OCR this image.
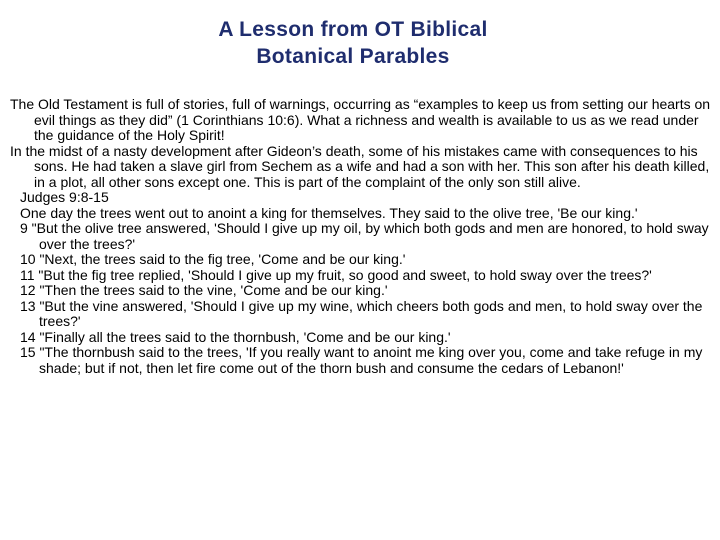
A Lesson from OT Biblical
Botanical Parables

The Old Testament is full of stories, full of warnings, occurring as “examples to keep us from setting our hearts on evil things as they did” (1 Corinthians 10:6). What a richness and wealth is available to us as we read under the guidance of the Holy Spirit!

In the midst of a nasty development after Gideon’s death, some of his mistakes came with consequences to his sons. He had taken a slave girl from Sechem as a wife and had a son with her. This son after his death killed, in a plot, all other sons except one. This is part of the complaint of the only son still alive.

Judges 9:8-15

One day the trees went out to anoint a king for themselves. They said to the olive tree, 'Be our king.'

9 "But the olive tree answered, 'Should I give up my oil, by which both gods and men are honored, to hold sway over the trees?'

10 "Next, the trees said to the fig tree, 'Come and be our king.'

11 "But the fig tree replied, 'Should I give up my fruit, so good and sweet, to hold sway over the trees?'

12 "Then the trees said to the vine, 'Come and be our king.'

13 "But the vine answered, 'Should I give up my wine, which cheers both gods and men, to hold sway over the trees?'

14 "Finally all the trees said to the thornbush, 'Come and be our king.'

15 "The thornbush said to the trees, 'If you really want to anoint me king over you, come and take refuge in my shade; but if not, then let fire come out of the thorn bush and consume the cedars of Lebanon!'
